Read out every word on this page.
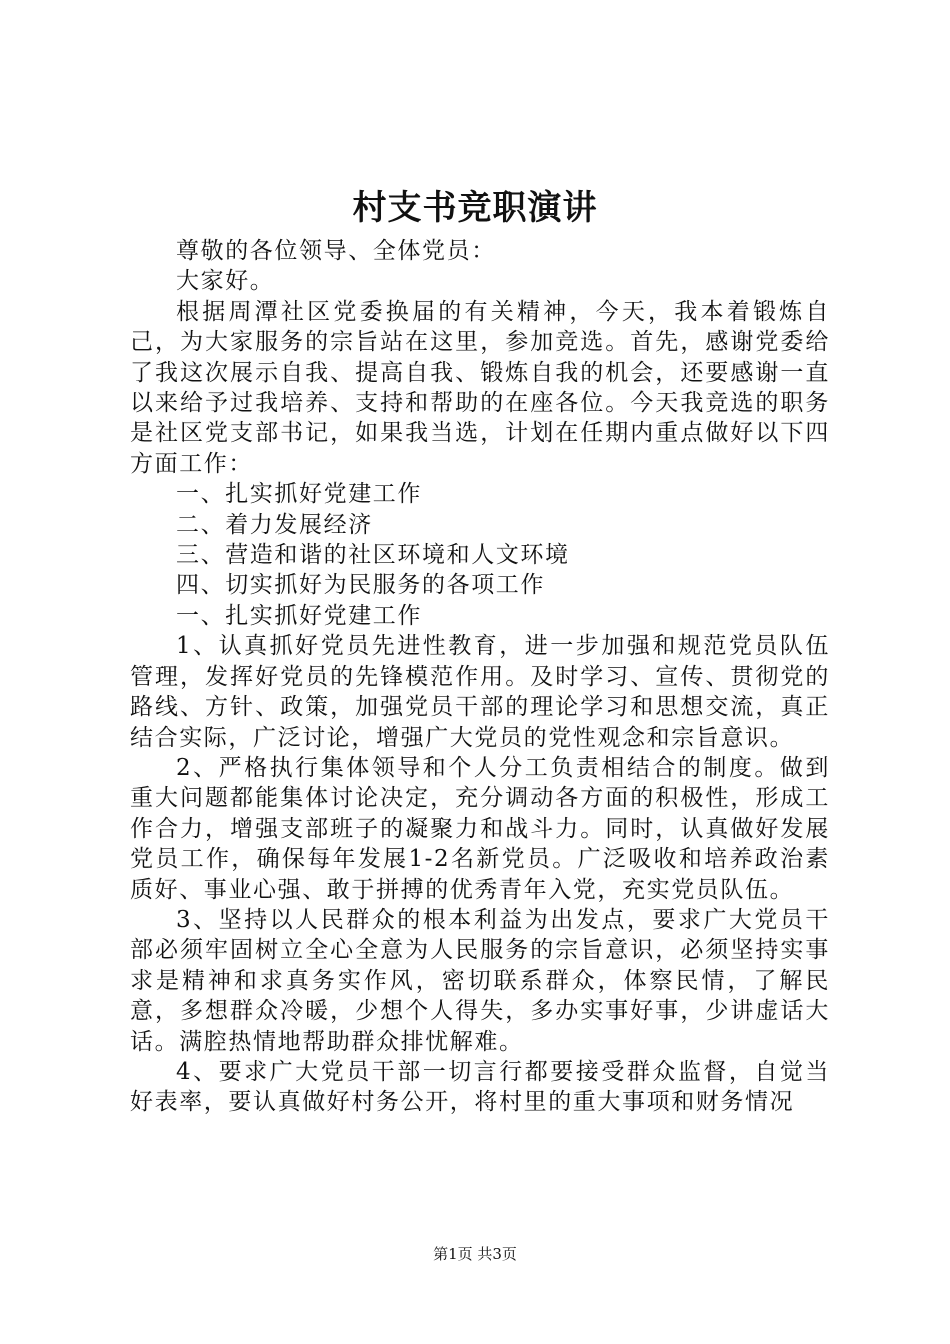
村支书竞职演讲

尊敬的各位领导、全体党员：

大家好。

根据周潭社区党委换届的有关精神，今天，我本着锻炼自己，为大家服务的宗旨站在这里，参加竞选。首先，感谢党委给了我这次展示自我、提高自我、锻炼自我的机会，还要感谢一直以来给予过我培养、支持和帮助的在座各位。今天我竞选的职务是社区党支部书记，如果我当选，计划在任期内重点做好以下四方面工作：

一、扎实抓好党建工作

二、着力发展经济

三、营造和谐的社区环境和人文环境

四、切实抓好为民服务的各项工作

一、扎实抓好党建工作

1、认真抓好党员先进性教育，进一步加强和规范党员队伍管理，发挥好党员的先锋模范作用。及时学习、宣传、贯彻党的路线、方针、政策，加强党员干部的理论学习和思想交流，真正结合实际，广泛讨论，增强广大党员的党性观念和宗旨意识。

2、严格执行集体领导和个人分工负责相结合的制度。做到重大问题都能集体讨论决定，充分调动各方面的积极性，形成工作合力，增强支部班子的凝聚力和战斗力。同时，认真做好发展党员工作，确保每年发展1-2名新党员。广泛吸收和培养政治素质好、事业心强、敢于拼搏的优秀青年入党，充实党员队伍。

3、坚持以人民群众的根本利益为出发点，要求广大党员干部必须牢固树立全心全意为人民服务的宗旨意识，必须坚持实事求是精神和求真务实作风，密切联系群众，体察民情，了解民意，多想群众冷暖，少想个人得失，多办实事好事，少讲虚话大话。满腔热情地帮助群众排忧解难。

4、要求广大党员干部一切言行都要接受群众监督，自觉当好表率，要认真做好村务公开，将村里的重大事项和财务情况

第1页 共3页
